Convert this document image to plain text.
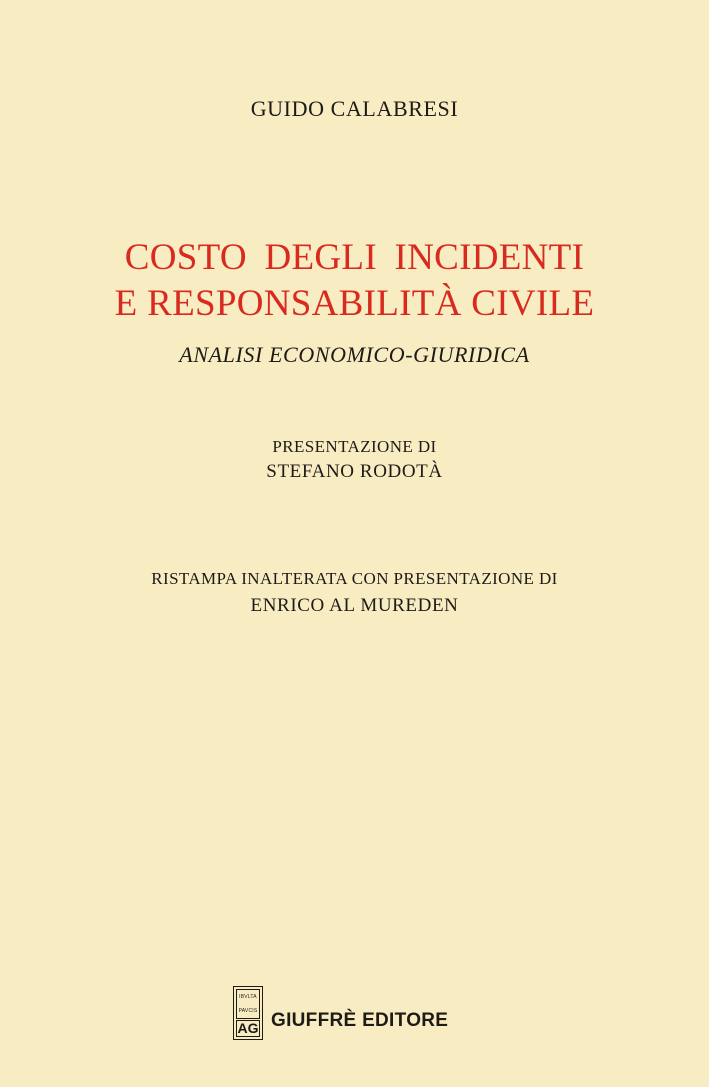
GUIDO CALABRESI
COSTO DEGLI INCIDENTI
E RESPONSABILITÀ CIVILE
ANALISI ECONOMICO-GIURIDICA
PRESENTAZIONE DI
STEFANO RODOTÀ
RISTAMPA INALTERATA CON PRESENTAZIONE DI
ENRICO AL MUREDEN
IBVLTA
PAVCIS
AG GIUFFRÈ EDITORE
